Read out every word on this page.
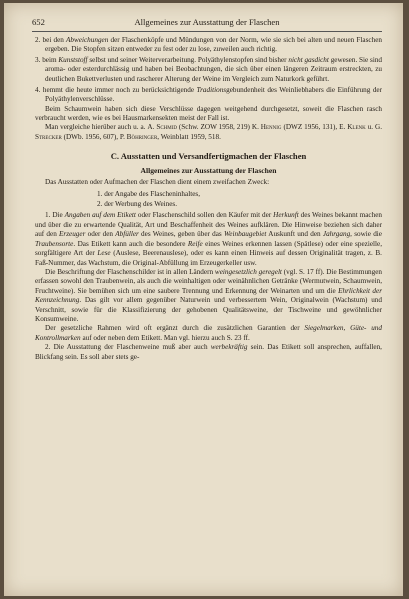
652	Allgemeines zur Ausstattung der Flaschen

2. bei den Abweichungen der Flaschenköpfe und Mündungen von der Norm, wie sie sich bei alten und neuen Flaschen ergeben. Die Stopfen sitzen entweder zu fest oder zu lose, zuweilen auch richtig.

3. beim Kunststoff selbst und seiner Weiterverarbeitung. Polyäthylenstopfen sind bisher nicht gasdicht gewesen. Sie sind aroma- oder esterdurchlässig und haben bei Beobachtungen, die sich über einen längeren Zeitraum erstreckten, zu deutlichen Bukettverlusten und rascherer Alterung der Weine im Vergleich zum Naturkork geführt.

4. hemmt die heute immer noch zu berücksichtigende Traditionsgebundenheit des Weinliebhabers die Einführung der Polyäthylenverschlüsse.

Beim Schaumwein haben sich diese Verschlüsse dagegen weitgehend durchgesetzt, soweit die Flaschen rasch verbraucht werden, wie es bei Hausmarkensekten meist der Fall ist.

Man vergleiche hierüber auch u. a. A. Schmid (Schw. ZOW 1958, 219) K. Hennig (DWZ 1956, 131), E. Klenk u. G. Strecker (DWb. 1956, 607), P. Böhringer, Weinblatt 1959, 518.

C. Ausstatten und Versandfertigmachen der Flaschen
Allgemeines zur Ausstattung der Flaschen

Das Ausstatten oder Aufmachen der Flaschen dient einem zweifachen Zweck:

1. der Angabe des Flascheninhaltes,
2. der Werbung des Weines.

1. Die Angaben auf dem Etikett oder Flaschenschild sollen den Käufer mit der Herkunft des Weines bekannt machen und über die zu erwartende Qualität, Art und Beschaffenheit des Weines aufklären. Die Hinweise beziehen sich daher auf den Erzeuger oder den Abfüller des Weines, geben über das Weinbaugebiet Auskunft und den Jahrgang, sowie die Traubensorte. Das Etikett kann auch die besondere Reife eines Weines erkennen lassen (Spätlese) oder eine spezielle, sorgfältigere Art der Lese (Auslese, Beerenauslese), oder es kann einen Hinweis auf dessen Originalität tragen, z. B. Faß-Nummer, das Wachstum, die Original-Abfüllung im Erzeugerkeller usw.

Die Beschriftung der Flaschenschilder ist in allen Ländern weingesetzlich geregelt (vgl. S. 17 ff). Die Bestimmungen erfassen sowohl den Traubenwein, als auch die weinhaltigen oder weinähnlichen Getränke (Wermutwein, Schaumwein, Fruchtweine). Sie bemühen sich um eine saubere Trennung und Erkennung der Weinarten und um die Ehrlichkeit der Kennzeichnung. Das gilt vor allem gegenüber Naturwein und verbessertem Wein, Originalwein (Wachstum) und Verschnitt, sowie für die Klassifizierung der gehobenen Qualitätsweine, der Tischweine und gewöhnlicher Konsumweine.

Der gesetzliche Rahmen wird oft ergänzt durch die zusätzlichen Garantien der Siegelmarken, Güte- und Kontrollmarken auf oder neben dem Etikett. Man vgl. hierzu auch S. 23 ff.

2. Die Ausstattung der Flaschenweine muß aber auch werbekräftig sein. Das Etikett soll ansprechen, auffallen, Blickfang sein. Es soll aber stets ge-
